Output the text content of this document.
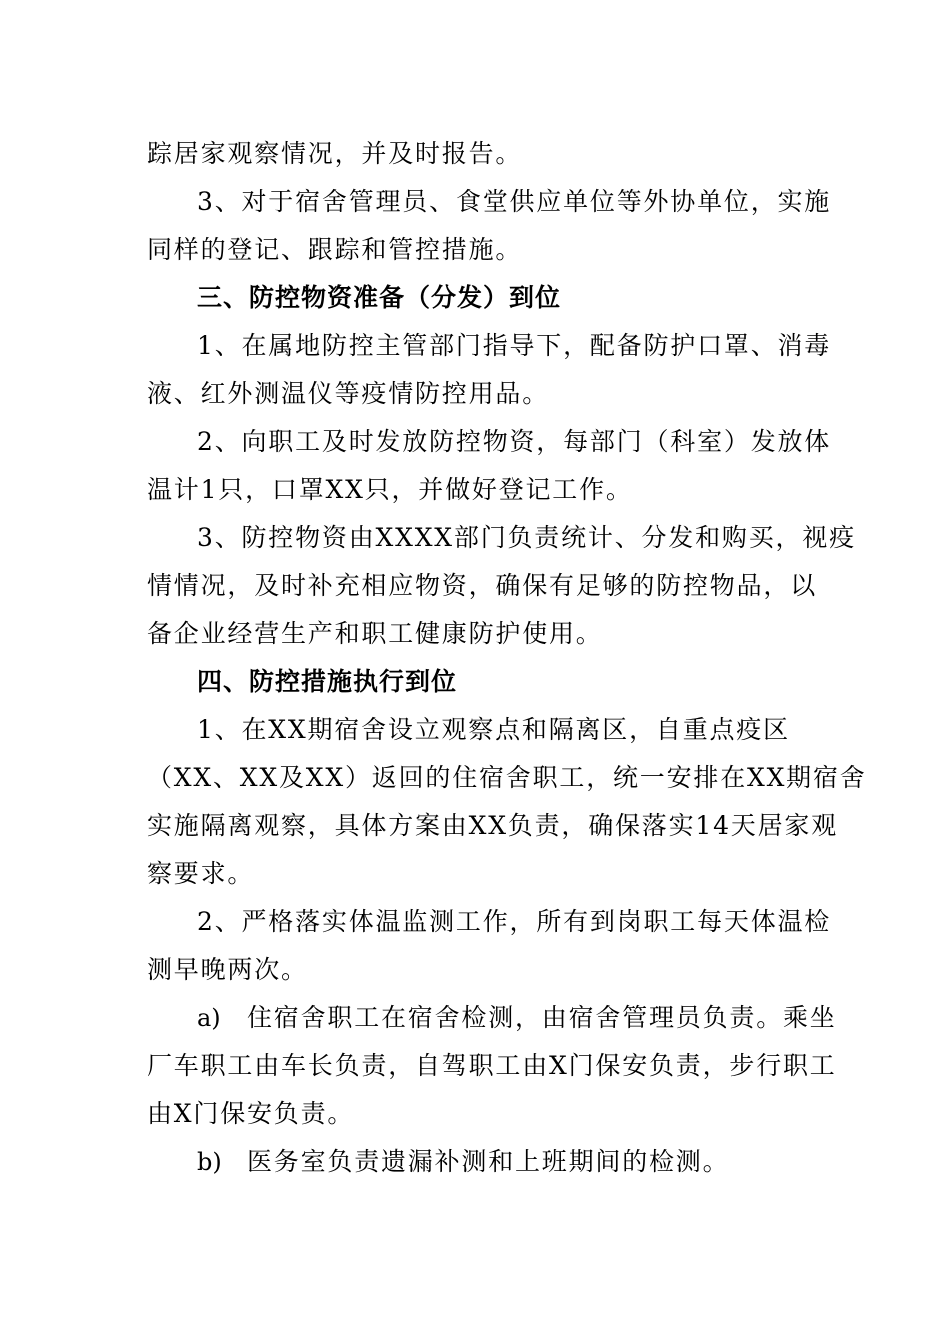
踪居家观察情况，并及时报告。
3、对于宿舍管理员、食堂供应单位等外协单位，实施
同样的登记、跟踪和管控措施。
三、防控物资准备（分发）到位
1、在属地防控主管部门指导下，配备防护口罩、消毒
液、红外测温仪等疫情防控用品。
2、向职工及时发放防控物资，每部门（科室）发放体
温计1只，口罩XX只，并做好登记工作。
3、防控物资由XXXX部门负责统计、分发和购买，视疫
情情况，及时补充相应物资，确保有足够的防控物品，以
备企业经营生产和职工健康防护使用。
四、防控措施执行到位
1、在XX期宿舍设立观察点和隔离区，自重点疫区
（XX、XX及XX）返回的住宿舍职工，统一安排在XX期宿舍
实施隔离观察，具体方案由XX负责，确保落实14天居家观
察要求。
2、严格落实体温监测工作，所有到岗职工每天体温检
测早晚两次。
a) 住宿舍职工在宿舍检测，由宿舍管理员负责。乘坐
厂车职工由车长负责，自驾职工由X门保安负责，步行职工
由X门保安负责。
b) 医务室负责遗漏补测和上班期间的检测。
